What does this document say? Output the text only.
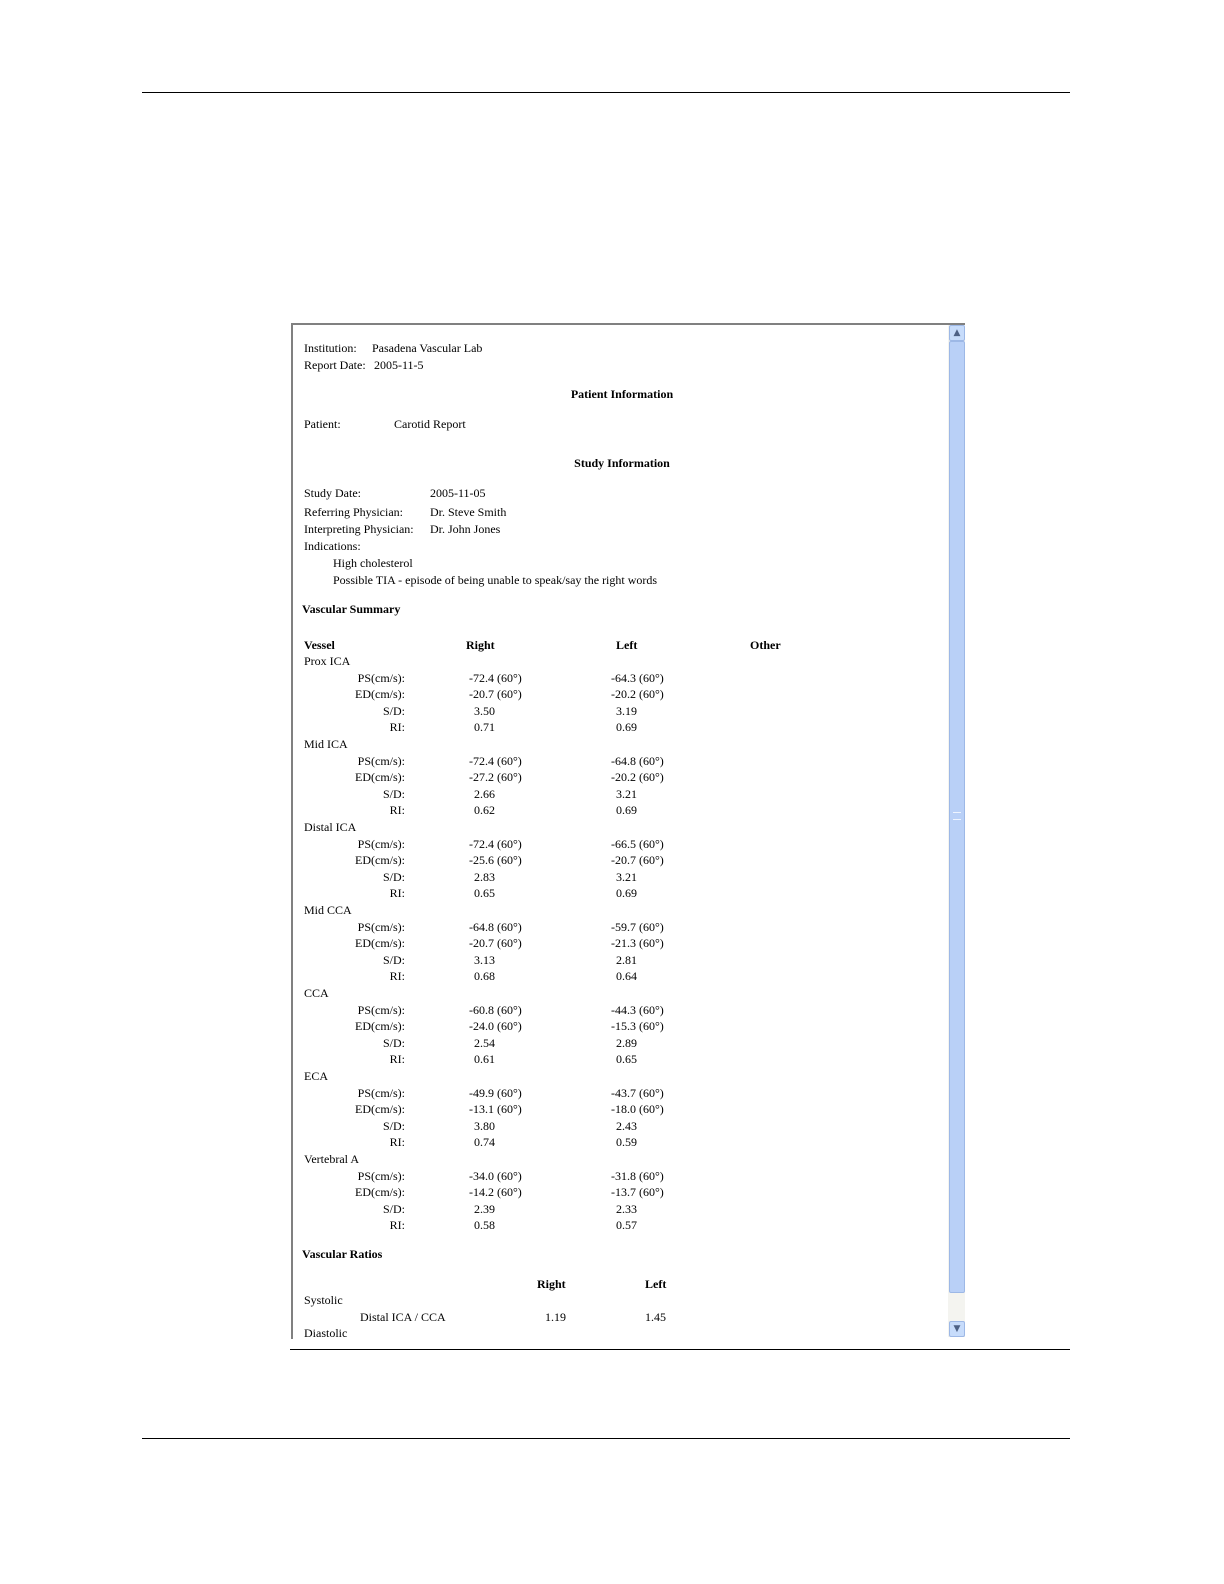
Institution: Pasadena Vascular Lab
Report Date: 2005-11-5
Patient Information
Patient:	Carotid Report
Study Information
Study Date:	2005-11-05
Referring Physician: Dr. Steve Smith
Interpreting Physician: Dr. John Jones
Indications:
High cholesterol
Possible TIA - episode of being unable to speak/say the right words
Vascular Summary
Vessel	Right	Left	Other
Prox ICA
PS(cm/s):	-72.4 (60°)	-64.3 (60°)
ED(cm/s):	-20.7 (60°)	-20.2 (60°)
S/D:	3.50	3.19
RI:	0.71	0.69
Mid ICA
PS(cm/s):	-72.4 (60°)	-64.8 (60°)
ED(cm/s):	-27.2 (60°)	-20.2 (60°)
S/D:	2.66	3.21
RI:	0.62	0.69
Distal ICA
PS(cm/s):	-72.4 (60°)	-66.5 (60°)
ED(cm/s):	-25.6 (60°)	-20.7 (60°)
S/D:	2.83	3.21
RI:	0.65	0.69
Mid CCA
PS(cm/s):	-64.8 (60°)	-59.7 (60°)
ED(cm/s):	-20.7 (60°)	-21.3 (60°)
S/D:	3.13	2.81
RI:	0.68	0.64
CCA
PS(cm/s):	-60.8 (60°)	-44.3 (60°)
ED(cm/s):	-24.0 (60°)	-15.3 (60°)
S/D:	2.54	2.89
RI:	0.61	0.65
ECA
PS(cm/s):	-49.9 (60°)	-43.7 (60°)
ED(cm/s):	-13.1 (60°)	-18.0 (60°)
S/D:	3.80	2.43
RI:	0.74	0.59
Vertebral A
PS(cm/s):	-34.0 (60°)	-31.8 (60°)
ED(cm/s):	-14.2 (60°)	-13.7 (60°)
S/D:	2.39	2.33
RI:	0.58	0.57
Vascular Ratios
Right	Left
Systolic
Distal ICA / CCA	1.19	1.45
Diastolic
▲
▼
